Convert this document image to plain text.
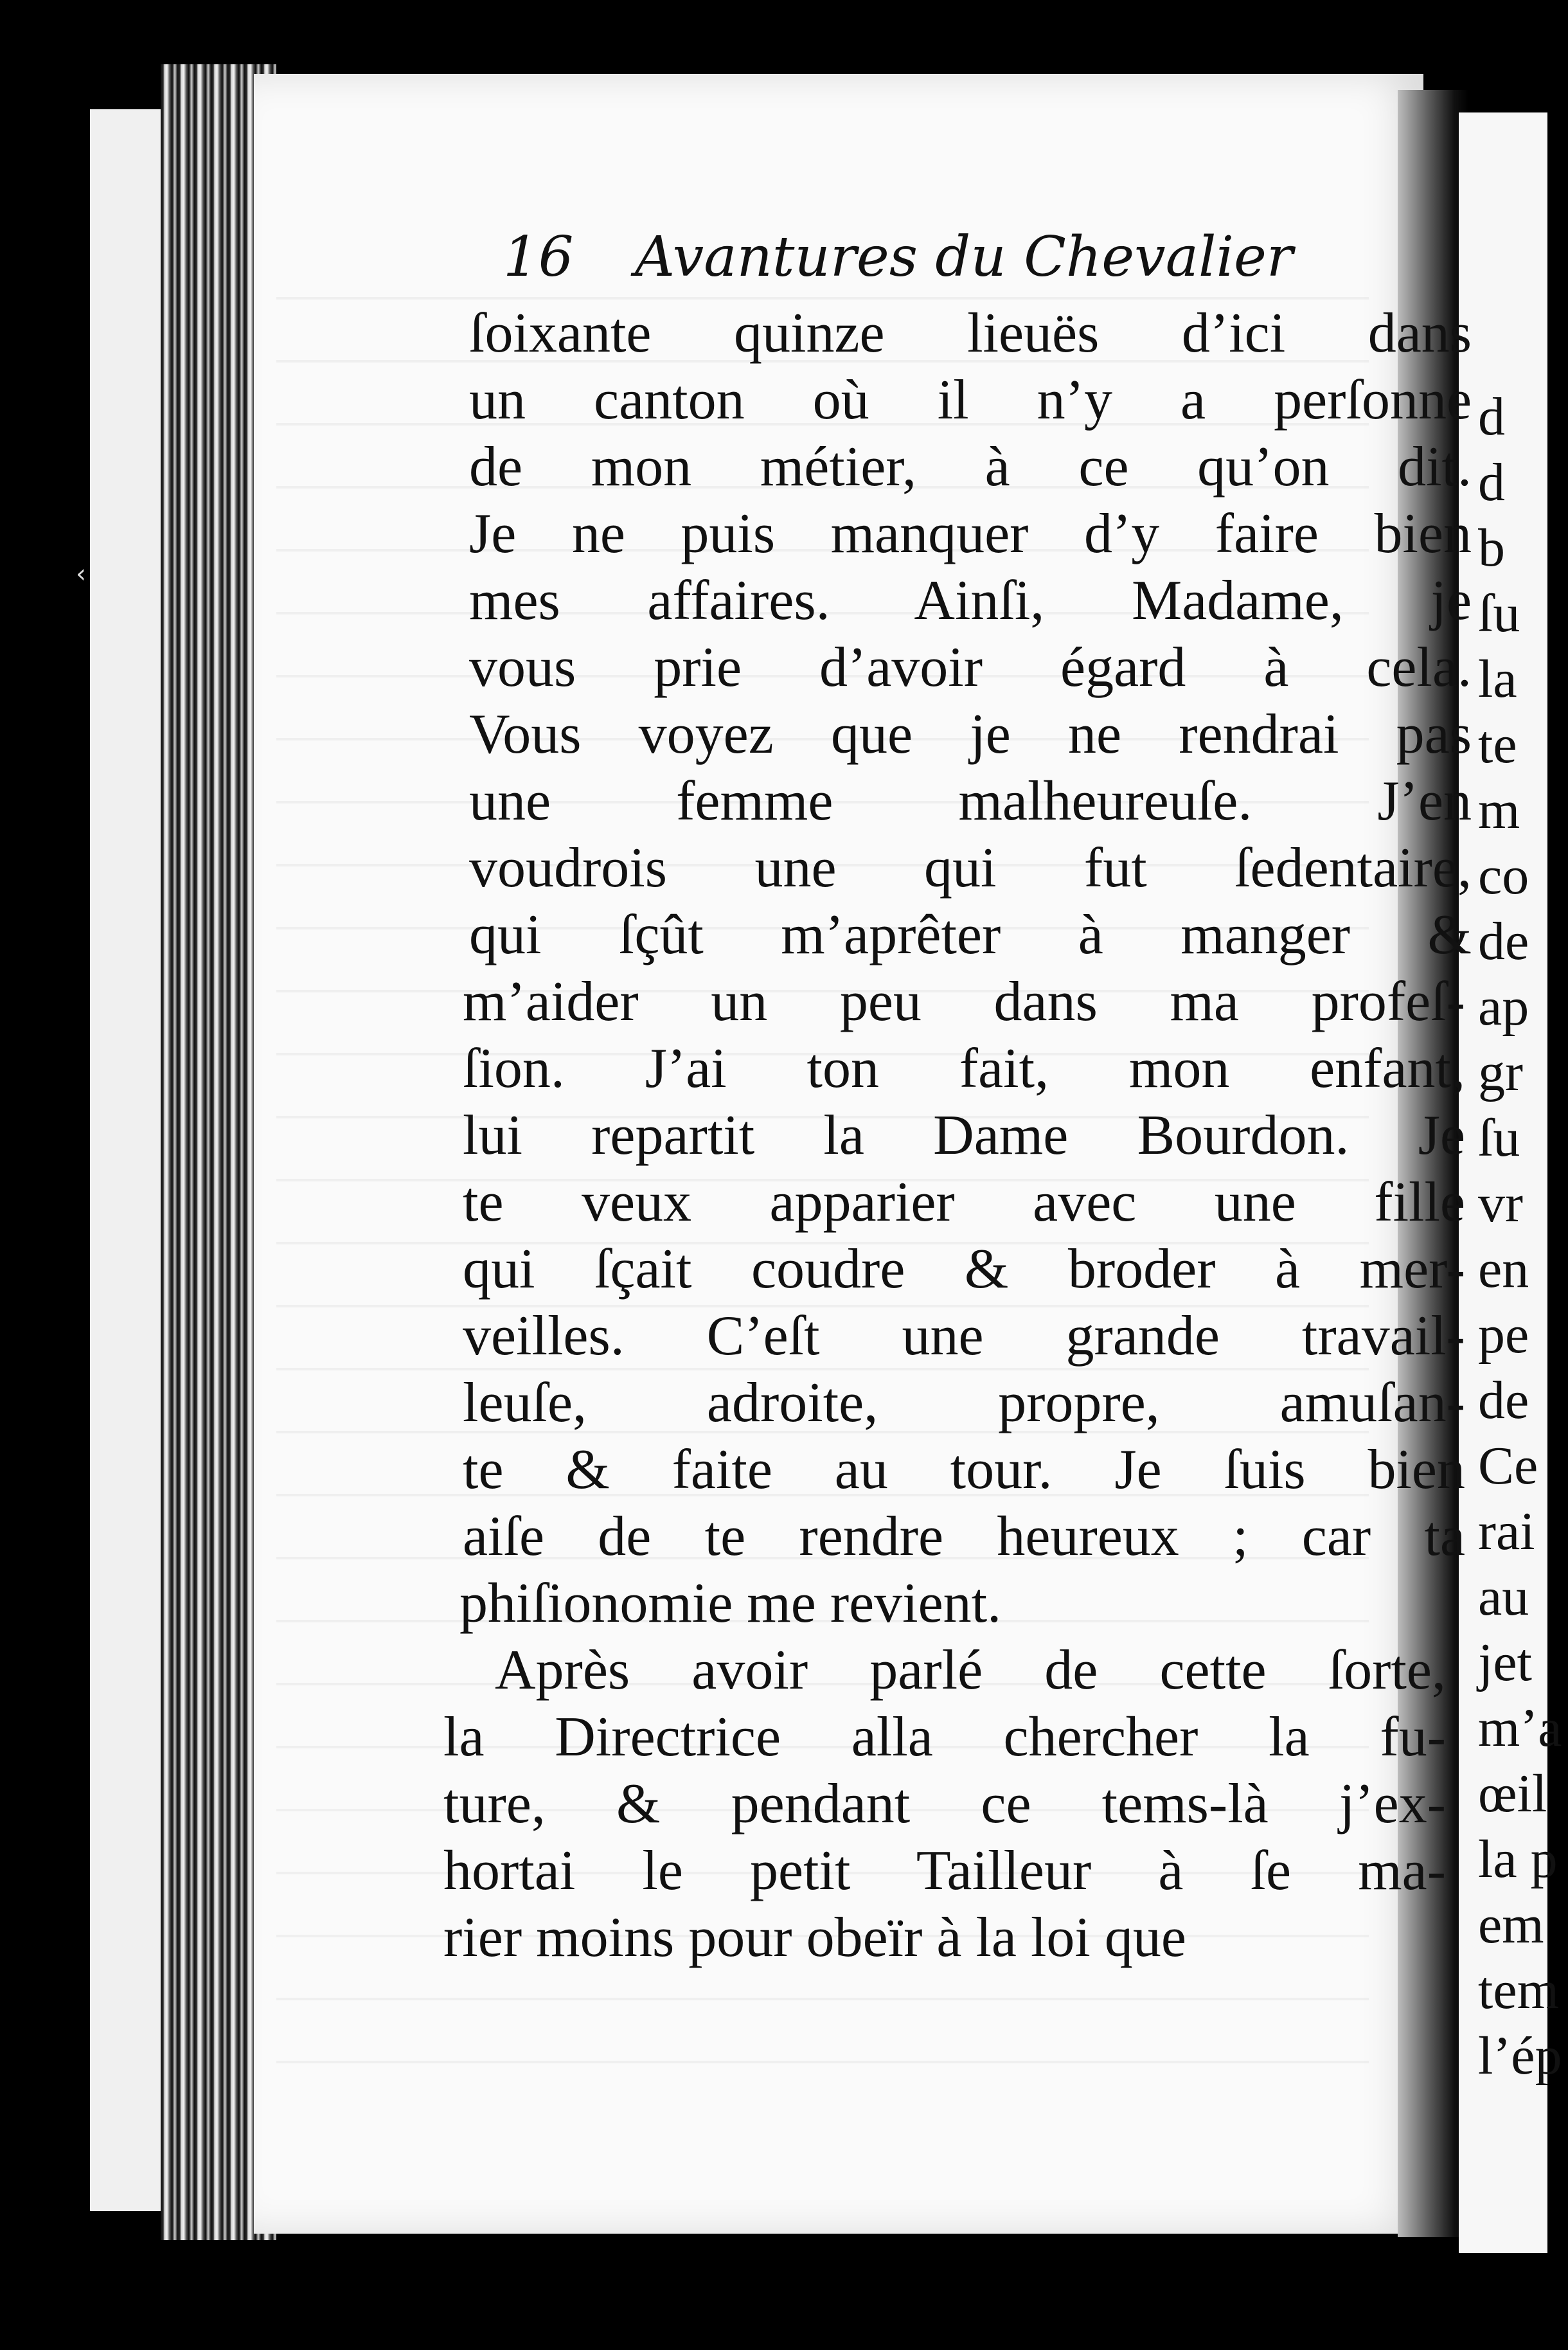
‹
16 Avantures du Chevalier
ſoixante quinze lieuës d’ici dans
un canton où il n’y a perſonne
de mon métier, à ce qu’on dit.
Je ne puis manquer d’y faire bien
mes affaires. Ainſi, Madame, je
vous prie d’avoir égard à cela.
Vous voyez que je ne rendrai pas
une femme malheureuſe. J’en
voudrois une qui fut ſedentaire,
qui ſçût m’aprêter à manger &
m’aider un peu dans ma profeſ-
ſion. J’ai ton fait, mon enfant,
lui repartit la Dame Bourdon. Je
te veux apparier avec une fille
qui ſçait coudre & broder à mer-
veilles. C’eſt une grande travail-
leuſe, adroite, propre, amuſan-
te & faite au tour. Je ſuis bien
aiſe de te rendre heureux ; car ta
phiſionomie me revient.
Après avoir parlé de cette ſorte,
la Directrice alla chercher la fu-
ture, & pendant ce tems-là j’ex-
hortai le petit Tailleur à ſe ma-
rier moins pour obeïr à la loi que
d
d
b
ſu
la
te
m
co
de
ap
gr
ſu
vr
en
pe
de
Ce
rai
au
jet
m’a
œil
la p
em
tem
l’ép
